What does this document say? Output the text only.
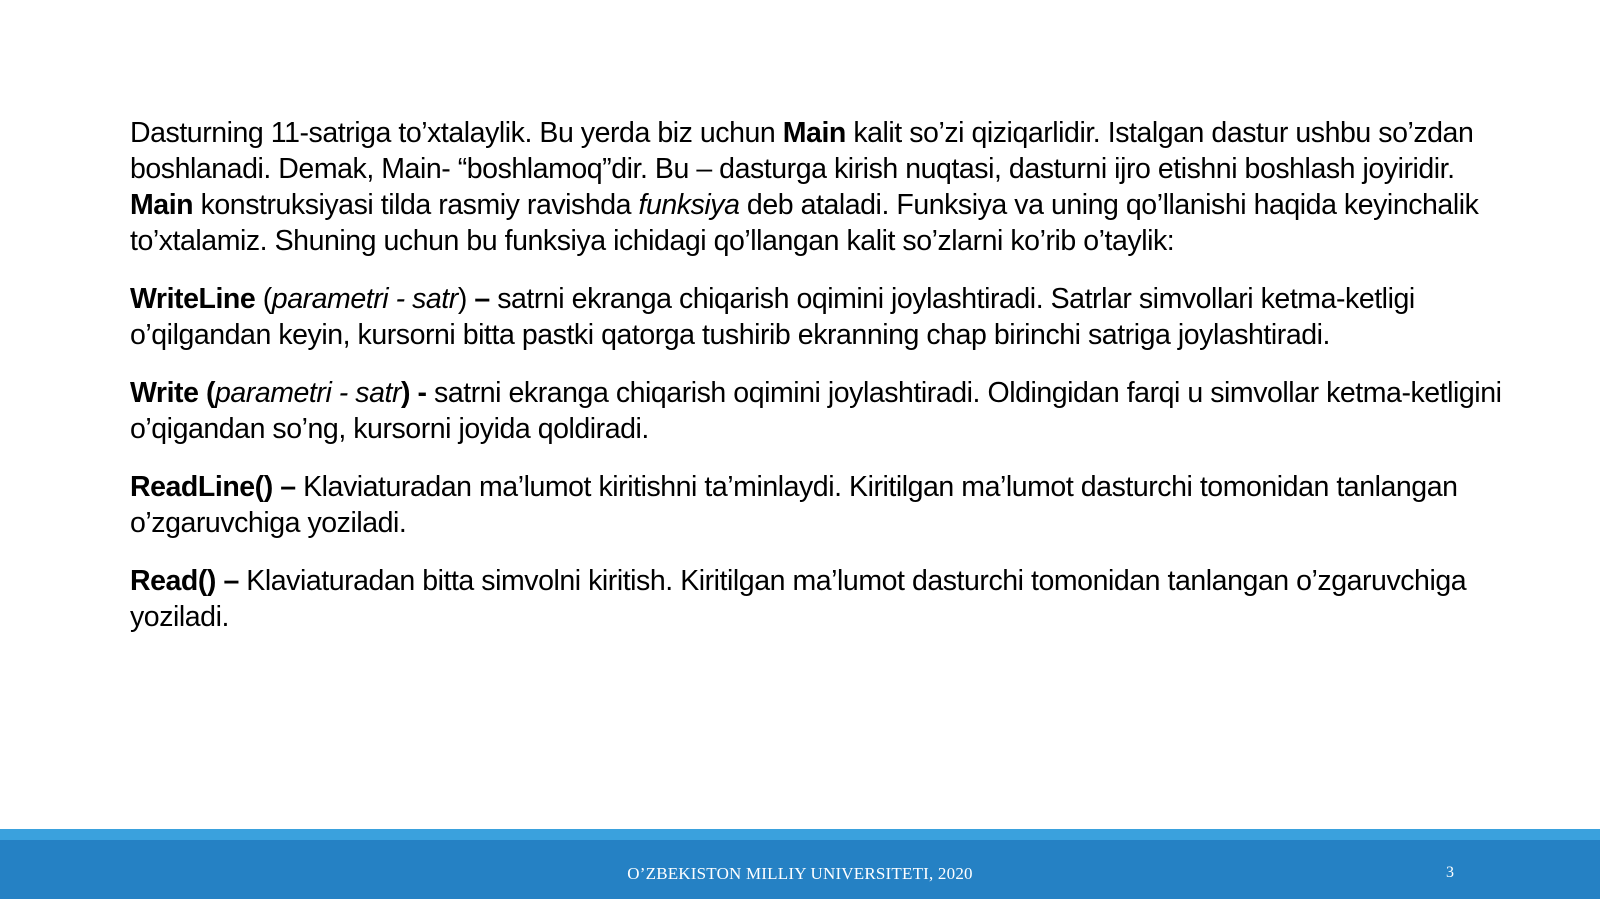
Dasturning 11-satriga to’xtalaylik. Bu yerda biz uchun Main kalit so’zi qiziqarlidir. Istalgan dastur ushbu so’zdan boshlanadi. Demak, Main- “boshlamoq”dir. Bu – dasturga kirish nuqtasi, dasturni ijro etishni boshlash joyiridir. Main konstruksiyasi tilda rasmiy ravishda funksiya deb ataladi. Funksiya va uning qo’llanishi haqida keyinchalik to’xtalamiz. Shuning uchun bu funksiya ichidagi qo’llangan kalit so’zlarni ko’rib o’taylik:

WriteLine (parametri - satr) – satrni ekranga chiqarish oqimini joylashtiradi. Satrlar simvollari ketma-ketligi o’qilgandan keyin, kursorni bitta pastki qatorga tushirib ekranning chap birinchi satriga joylashtiradi.

Write (parametri - satr) - satrni ekranga chiqarish oqimini joylashtiradi. Oldingidan farqi u simvollar ketma-ketligini o’qigandan so’ng, kursorni joyida qoldiradi.

ReadLine() – Klaviaturadan ma’lumot kiritishni ta’minlaydi. Kiritilgan ma’lumot dasturchi tomonidan tanlangan o’zgaruvchiga yoziladi.

Read() – Klaviaturadan bitta simvolni kiritish. Kiritilgan ma’lumot dasturchi tomonidan tanlangan o’zgaruvchiga yoziladi.

O’ZBEKISTON MILLIY UNIVERSITETI, 2020	3
